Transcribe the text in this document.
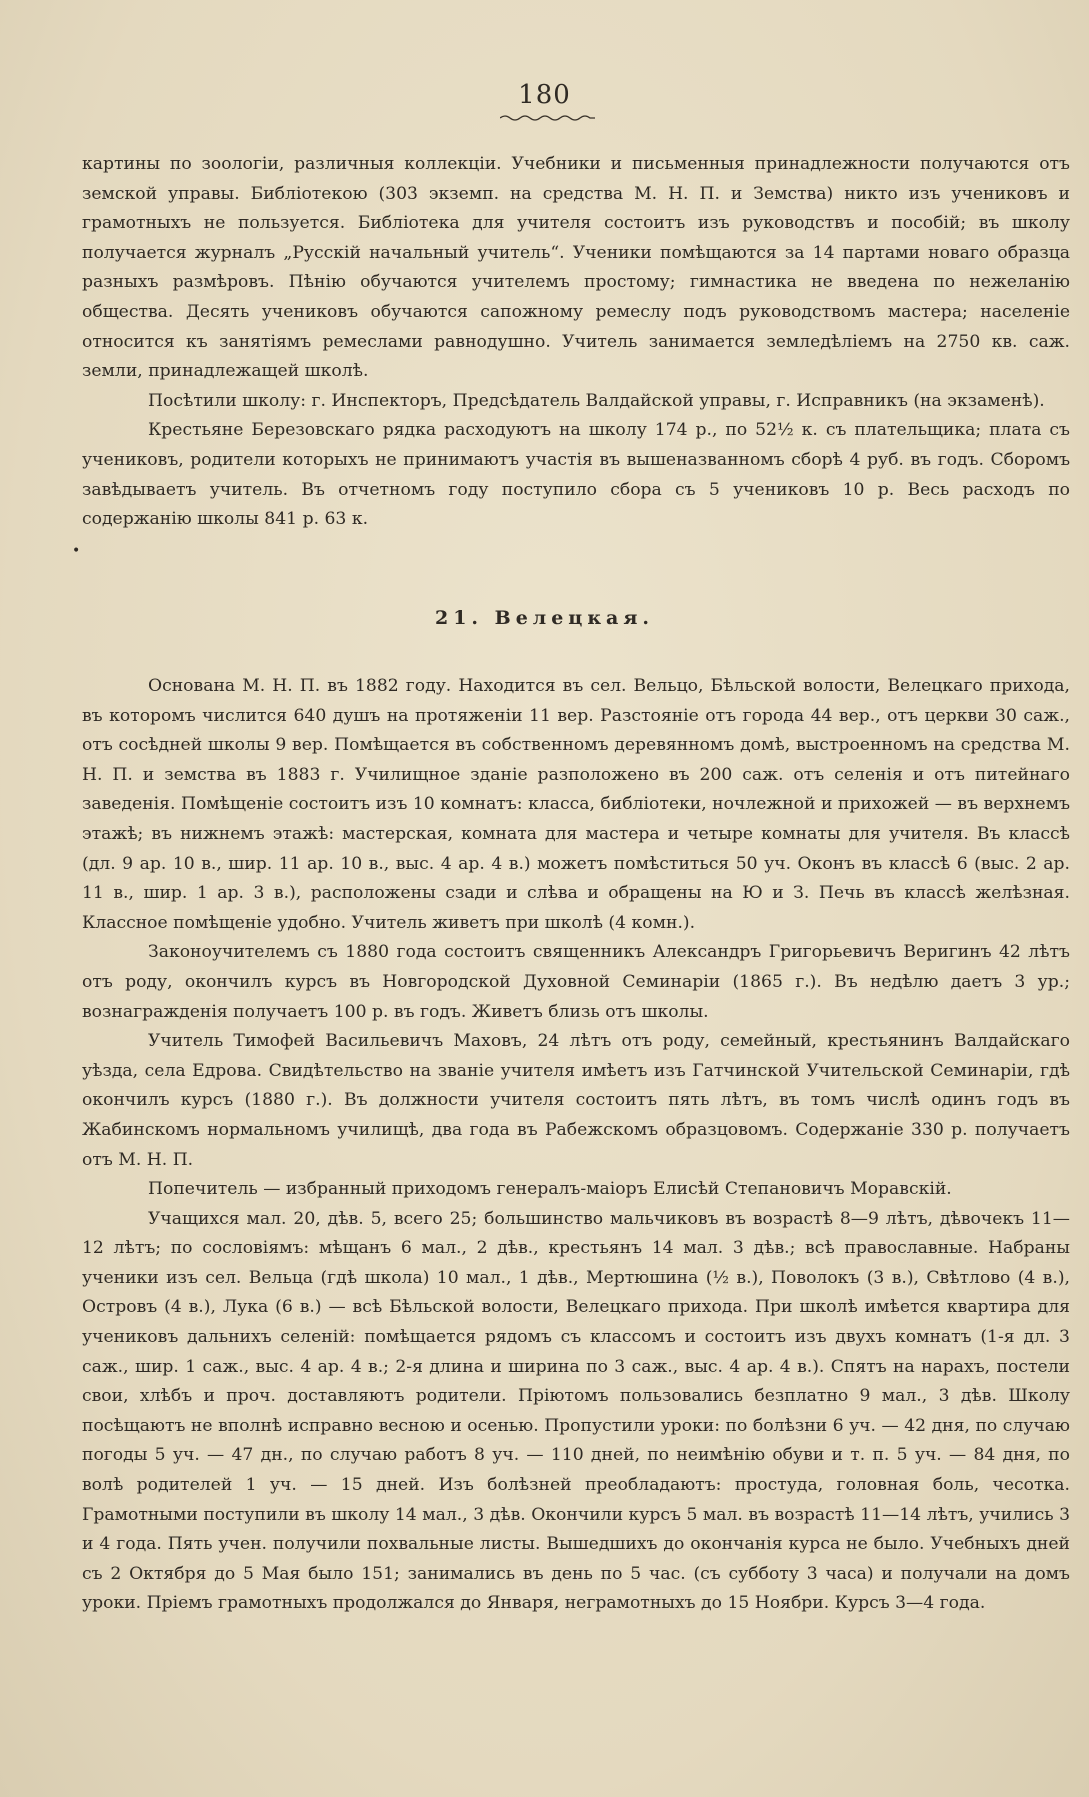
180

картины по зоологіи, различныя коллекціи. Учебники и письменныя принадлежности получаются отъ земской управы. Библіотекою (303 экземп. на средства М. Н. П. и Земства) никто изъ учениковъ и грамотныхъ не пользуется. Библіотека для учителя состоитъ изъ руководствъ и пособій; въ школу получается журналъ „Русскій начальный учитель“. Ученики помѣщаются за 14 партами новаго образца разныхъ размѣровъ. Пѣнію обучаются учителемъ простому; гимнастика не введена по нежеланію общества. Десять учениковъ обучаются сапожному ремеслу подъ руководствомъ мастера; населеніе относится къ занятіямъ ремеслами равнодушно. Учитель занимается земледѣліемъ на 2750 кв. саж. земли, принадлежащей школѣ.

Посѣтили школу: г. Инспекторъ, Предсѣдатель Валдайской управы, г. Исправникъ (на экзаменѣ).

Крестьяне Березовскаго рядка расходуютъ на школу 174 р., по 52½ к. съ плательщика; плата съ учениковъ, родители которыхъ не принимаютъ участія въ вышеназванномъ сборѣ 4 руб. въ годъ. Сборомъ завѣдываетъ учитель. Въ отчетномъ году поступило сбора съ 5 учениковъ 10 р. Весь расходъ по содержанію школы 841 р. 63 к.

•
21. Велецкая.

Основана М. Н. П. въ 1882 году. Находится въ сел. Вельцо, Бѣльской волости, Велецкаго прихода, въ которомъ числится 640 душъ на протяженіи 11 вер. Разстояніе отъ города 44 вер., отъ церкви 30 саж., отъ сосѣдней школы 9 вер. Помѣщается въ собственномъ деревянномъ домѣ, выстроенномъ на средства М. Н. П. и земства въ 1883 г. Училищное зданіе разположено въ 200 саж. отъ селенія и отъ питейнаго заведенія. Помѣщеніе состоитъ изъ 10 комнатъ: класса, библіотеки, ночлежной и прихожей — въ верхнемъ этажѣ; въ нижнемъ этажѣ: мастерская, комната для мастера и четыре комнаты для учителя. Въ классѣ (дл. 9 ар. 10 в., шир. 11 ар. 10 в., выс. 4 ар. 4 в.) можетъ помѣститься 50 уч. Оконъ въ классѣ 6 (выс. 2 ар. 11 в., шир. 1 ар. 3 в.), расположены сзади и слѣва и обращены на Ю и З. Печь въ классѣ желѣзная. Классное помѣщеніе удобно. Учитель живетъ при школѣ (4 комн.).

Законоучителемъ съ 1880 года состоитъ священникъ Александръ Григорьевичъ Веригинъ 42 лѣтъ отъ роду, окончилъ курсъ въ Новгородской Духовной Семинаріи (1865 г.). Въ недѣлю даетъ 3 ур.; вознагражденія получаетъ 100 р. въ годъ. Живетъ близь отъ школы.

Учитель Тимофей Васильевичъ Маховъ, 24 лѣтъ отъ роду, семейный, крестьянинъ Валдайскаго уѣзда, села Едрова. Свидѣтельство на званіе учителя имѣетъ изъ Гатчинской Учительской Семинаріи, гдѣ окончилъ курсъ (1880 г.). Въ должности учителя состоитъ пять лѣтъ, въ томъ числѣ одинъ годъ въ Жабинскомъ нормальномъ училищѣ, два года въ Рабежскомъ образцовомъ. Содержаніе 330 р. получаетъ отъ М. Н. П.

Попечитель — избранный приходомъ генералъ-маіоръ Елисѣй Степановичъ Моравскій.

Учащихся мал. 20, дѣв. 5, всего 25; большинство мальчиковъ въ возрастѣ 8—9 лѣтъ, дѣвочекъ 11—12 лѣтъ; по сословіямъ: мѣщанъ 6 мал., 2 дѣв., крестьянъ 14 мал. 3 дѣв.; всѣ православные. Набраны ученики изъ сел. Вельца (гдѣ школа) 10 мал., 1 дѣв., Мертюшина (½ в.), Поволокъ (3 в.), Свѣтлово (4 в.), Островъ (4 в.), Лука (6 в.) — всѣ Бѣльской волости, Велецкаго прихода. При школѣ имѣется квартира для учениковъ дальнихъ селеній: помѣщается рядомъ съ классомъ и состоитъ изъ двухъ комнатъ (1-я дл. 3 саж., шир. 1 саж., выс. 4 ар. 4 в.; 2-я длина и ширина по 3 саж., выс. 4 ар. 4 в.). Спятъ на нарахъ, постели свои, хлѣбъ и проч. доставляютъ родители. Пріютомъ пользовались безплатно 9 мал., 3 дѣв. Школу посѣщаютъ не вполнѣ исправно весною и осенью. Пропустили уроки: по болѣзни 6 уч. — 42 дня, по случаю погоды 5 уч. — 47 дн., по случаю работъ 8 уч. — 110 дней, по неимѣнію обуви и т. п. 5 уч. — 84 дня, по волѣ родителей 1 уч. — 15 дней. Изъ болѣзней преобладаютъ: простуда, головная боль, чесотка. Грамотными поступили въ школу 14 мал., 3 дѣв. Окончили курсъ 5 мал. въ возрастѣ 11—14 лѣтъ, учились 3 и 4 года. Пять учен. получили похвальные листы. Вышедшихъ до окончанія курса не было. Учебныхъ дней съ 2 Октября до 5 Мая было 151; занимались въ день по 5 час. (съ субботу 3 часа) и получали на домъ уроки. Пріемъ грамотныхъ продолжался до Января, неграмотныхъ до 15 Ноябри. Курсъ 3—4 года.
